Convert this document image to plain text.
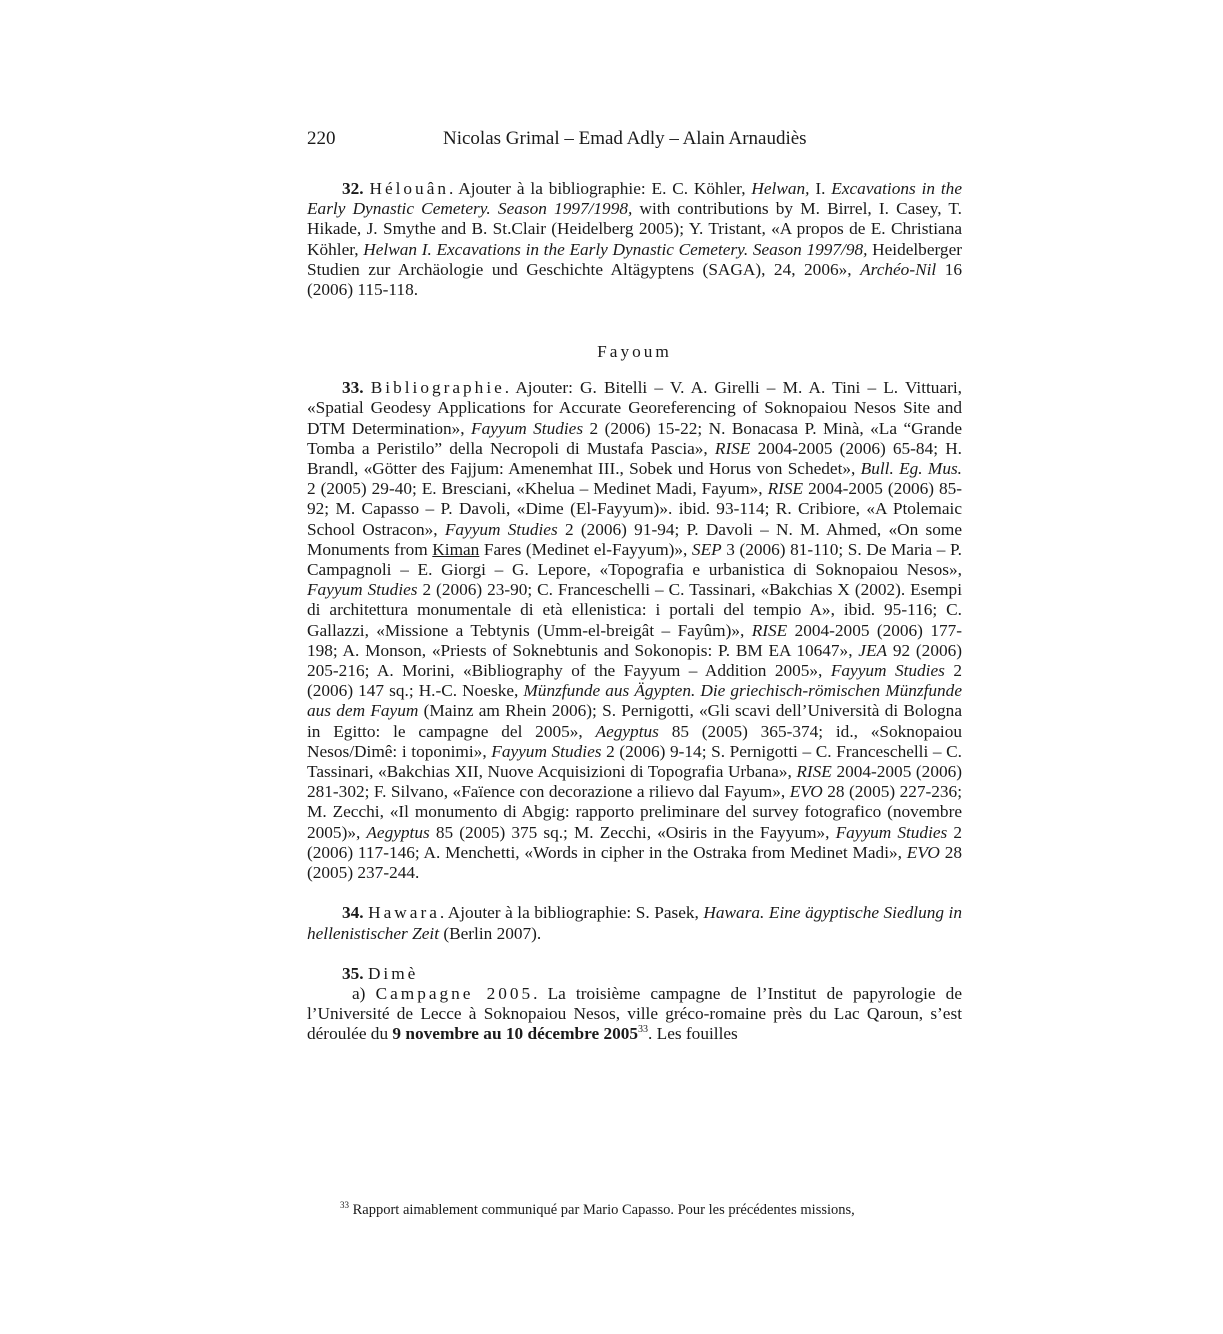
220	Nicolas Grimal – Emad Adly – Alain Arnaudiès

32. Hélouân. Ajouter à la bibliographie: E. C. Köhler, Helwan, I. Excavations in the Early Dynastic Cemetery. Season 1997/1998, with contributions by M. Birrel, I. Casey, T. Hikade, J. Smythe and B. St.Clair (Heidelberg 2005); Y. Tristant, «A propos de E. Christiana Köhler, Helwan I. Excavations in the Early Dynastic Cemetery. Season 1997/98, Heidelberger Studien zur Archäologie und Geschichte Altägyptens (SAGA), 24, 2006», Archéo-Nil 16 (2006) 115-118.

Fayoum

33. Bibliographie. Ajouter: G. Bitelli – V. A. Girelli – M. A. Tini – L. Vittuari, «Spatial Geodesy Applications for Accurate Georeferencing of Soknopaiou Nesos Site and DTM Determination», Fayyum Studies 2 (2006) 15-22; N. Bonacasa P. Minà, «La “Grande Tomba a Peristilo” della Necropoli di Mustafa Pascia», RISE 2004-2005 (2006) 65-84; H. Brandl, «Götter des Fajjum: Amenemhat III., Sobek und Horus von Schedet», Bull. Eg. Mus. 2 (2005) 29-40; E. Bresciani, «Khelua – Medinet Madi, Fayum», RISE 2004-2005 (2006) 85-92; M. Capasso – P. Davoli, «Dime (El-Fayyum)». ibid. 93-114; R. Cribiore, «A Ptolemaic School Ostracon», Fayyum Studies 2 (2006) 91-94; P. Davoli – N. M. Ahmed, «On some Monuments from Kiman Fares (Medinet el-Fayyum)», SEP 3 (2006) 81-110; S. De Maria – P. Campagnoli – E. Giorgi – G. Lepore, «Topografia e urbanistica di Soknopaiou Nesos», Fayyum Studies 2 (2006) 23-90; C. Franceschelli – C. Tassinari, «Bakchias X (2002). Esempi di architettura monumentale di età ellenistica: i portali del tempio A», ibid. 95-116; C. Gallazzi, «Missione a Tebtynis (Umm-el-breigât – Fayûm)», RISE 2004-2005 (2006) 177-198; A. Monson, «Priests of Soknebtunis and Sokonopis: P. BM EA 10647», JEA 92 (2006) 205-216; A. Morini, «Bibliography of the Fayyum – Addition 2005», Fayyum Studies 2 (2006) 147 sq.; H.-C. Noeske, Münzfunde aus Ägypten. Die griechisch-römischen Münzfunde aus dem Fayum (Mainz am Rhein 2006); S. Pernigotti, «Gli scavi dell’Università di Bologna in Egitto: le campagne del 2005», Aegyptus 85 (2005) 365-374; id., «Soknopaiou Nesos/Dimê: i toponimi», Fayyum Studies 2 (2006) 9-14; S. Pernigotti – C. Franceschelli – C. Tassinari, «Bakchias XII, Nuove Acquisizioni di Topografia Urbana», RISE 2004-2005 (2006) 281-302; F. Silvano, «Faïence con decorazione a rilievo dal Fayum», EVO 28 (2005) 227-236; M. Zecchi, «Il monumento di Abgig: rapporto preliminare del survey fotografico (novembre 2005)», Aegyptus 85 (2005) 375 sq.; M. Zecchi, «Osiris in the Fayyum», Fayyum Studies 2 (2006) 117-146; A. Menchetti, «Words in cipher in the Ostraka from Medinet Madi», EVO 28 (2005) 237-244.

34. Hawara. Ajouter à la bibliographie: S. Pasek, Hawara. Eine ägyptische Siedlung in hellenistischer Zeit (Berlin 2007).

35. Dimè

a) Campagne 2005. La troisième campagne de l’Institut de papyrologie de l’Université de Lecce à Soknopaiou Nesos, ville gréco-romaine près du Lac Qaroun, s’est déroulée du 9 novembre au 10 décembre 2005$^{33}$. Les fouilles

$^{33}$ Rapport aimablement communiqué par Mario Capasso. Pour les précédentes missions,
